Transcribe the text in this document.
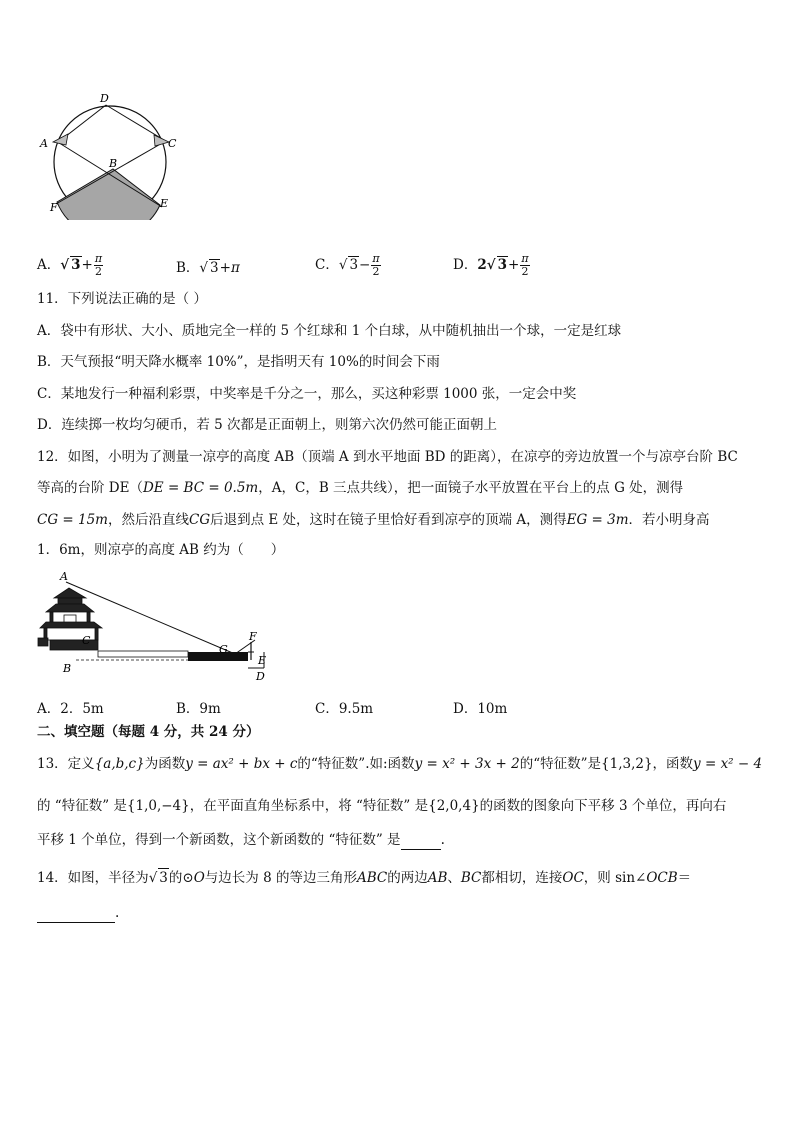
D
A	C
B
F	E
A．√ $3+ \frac{\pi}{2}$	B．√ 3+π	C．√ $3- \frac{\pi}{2}$	D．2√ $3+ \frac{\pi}{2}$
11．下列说法正确的是（ ）
A．袋中有形状、大小、质地完全一样的 5 个红球和 1 个白球，从中随机抽出一个球，一定是红球
B．天气预报“明天降水概率 10%”，是指明天有 10%的时间会下雨
C．某地发行一种福利彩票，中奖率是千分之一，那么，买这种彩票 1000 张，一定会中奖
D．连续掷一枚均匀硬币，若 5 次都是正面朝上，则第六次仍然可能正面朝上
12．如图，小明为了测量一凉亭的高度 AB（顶端 A 到水平地面 BD 的距离），在凉亭的旁边放置一个与凉亭台阶 BC
等高的台阶 DE（DE = BC = 0.5m，A，C，B 三点共线），把一面镜子水平放置在平台上的点 G 处，测得
CG = 15m，然后沿直线CG后退到点 E 处，这时在镜子里恰好看到凉亭的顶端 A，测得EG = 3m．若小明身高
1．6m，则凉亭的高度 AB 约为（　　）
A
B
C
G
F
E
D
A．2．5m	B．9m	C．9.5m	D．10m
二、填空题（每题 4 分，共 24 分）
13．定义{a,b,c}为函数y = ax² + bx + c的“特征数”.如:函数y = x² + 3x + 2的“特征数”是{1,3,2}，函数y = x² − 4
的 “特征数” 是{1,0,−4}，在平面直角坐标系中，将 “特征数” 是{2,0,4}的函数的图象向下平移 3 个单位，再向右
平移 1 个单位，得到一个新函数，这个新函数的 “特征数” 是	.
14．如图，半径为√ 3的⊙O与边长为 8 的等边三角形ABC的两边AB、BC都相切，连接OC，则 sin∠OCB＝
.
